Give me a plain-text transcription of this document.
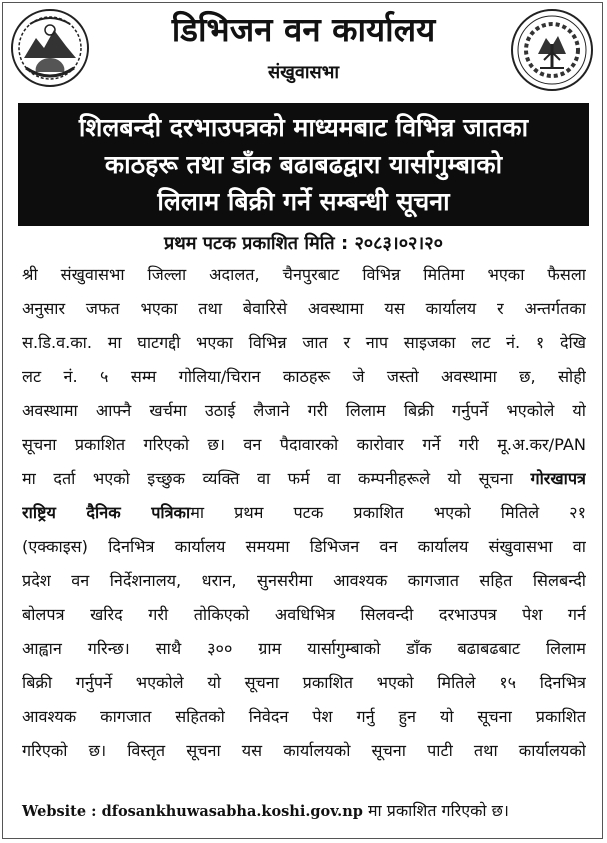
डिभिजन वन कार्यालय
संखुवासभा
शिलबन्दी दरभाउपत्रको माध्यमबाट विभिन्न जातका
काठहरू तथा डाँक बढाबढद्वारा यार्सागुम्बाको
लिलाम बिक्री गर्ने सम्बन्धी सूचना
प्रथम पटक प्रकाशित मिति : २०८३।०२।२०
श्री संखुवासभा जिल्ला अदालत, चैनपुरबाट विभिन्न मितिमा भएका फैसला
अनुसार जफत भएका तथा बेवारिसे अवस्थामा यस कार्यालय र अन्तर्गतका
स.डि.व.का. मा घाटगद्दी भएका विभिन्न जात र नाप साइजका लट नं. १ देखि
लट नं. ५ सम्म गोलिया/चिरान काठहरू जे जस्तो अवस्थामा छ, सोही
अवस्थामा आफ्नै खर्चमा उठाई लैजाने गरी लिलाम बिक्री गर्नुपर्ने भएकोले यो
सूचना प्रकाशित गरिएको छ। वन पैदावारको कारोवार गर्ने गरी मू.अ.कर/PAN
मा दर्ता भएको इच्छुक व्यक्ति वा फर्म वा कम्पनीहरूले यो सूचना गोरखापत्र
राष्ट्रिय दैनिक पत्रिकामा प्रथम पटक प्रकाशित भएको मितिले २१
(एक्काइस) दिनभित्र कार्यालय समयमा डिभिजन वन कार्यालय संखुवासभा वा
प्रदेश वन निर्देशनालय, धरान, सुनसरीमा आवश्यक कागजात सहित सिलबन्दी
बोलपत्र खरिद गरी तोकिएको अवधिभित्र सिलवन्दी दरभाउपत्र पेश गर्न
आह्वान गरिन्छ। साथै ३०० ग्राम यार्सागुम्बाको डाँक बढाबढबाट लिलाम
बिक्री गर्नुपर्ने भएकोले यो सूचना प्रकाशित भएको मितिले १५ दिनभित्र
आवश्यक कागजात सहितको निवेदन पेश गर्नु हुन यो सूचना प्रकाशित
गरिएको छ। विस्तृत सूचना यस कार्यालयको सूचना पाटी तथा कार्यालयको
Website : dfosankhuwasabha.koshi.gov.np मा प्रकाशित गरिएको छ।
